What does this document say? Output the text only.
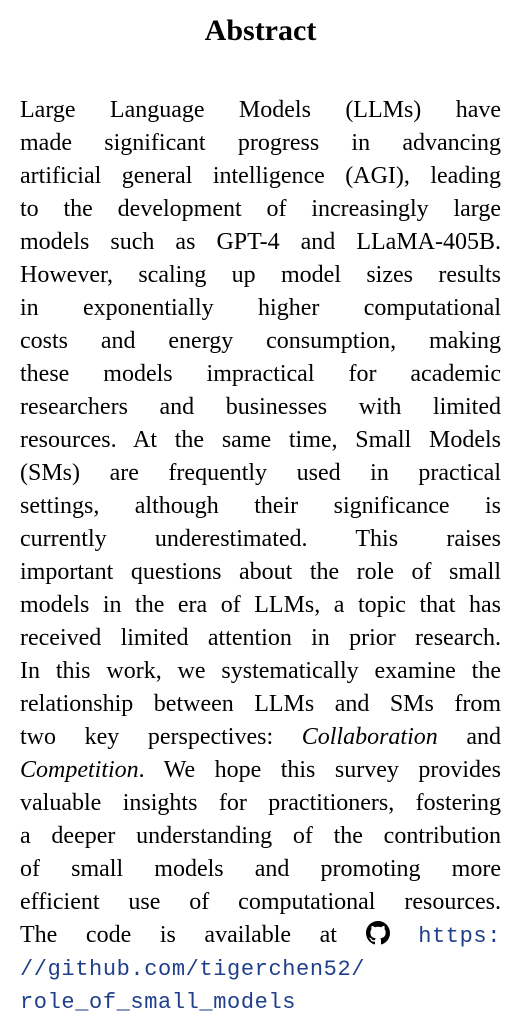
Abstract
Large Language Models (LLMs) have
made significant progress in advancing
artificial general intelligence (AGI), leading
to the development of increasingly large
models such as GPT-4 and LLaMA-405B.
However, scaling up model sizes results
in exponentially higher computational
costs and energy consumption, making
these models impractical for academic
researchers and businesses with limited
resources. At the same time, Small Models
(SMs) are frequently used in practical
settings, although their significance is
currently underestimated. This raises
important questions about the role of small
models in the era of LLMs, a topic that has
received limited attention in prior research.
In this work, we systematically examine the
relationship between LLMs and SMs from
two key perspectives: Collaboration and
Competition. We hope this survey provides
valuable insights for practitioners, fostering
a deeper understanding of the contribution
of small models and promoting more
efficient use of computational resources.
The code is available at	https:
//github.com/tigerchen52/
role_of_small_models
